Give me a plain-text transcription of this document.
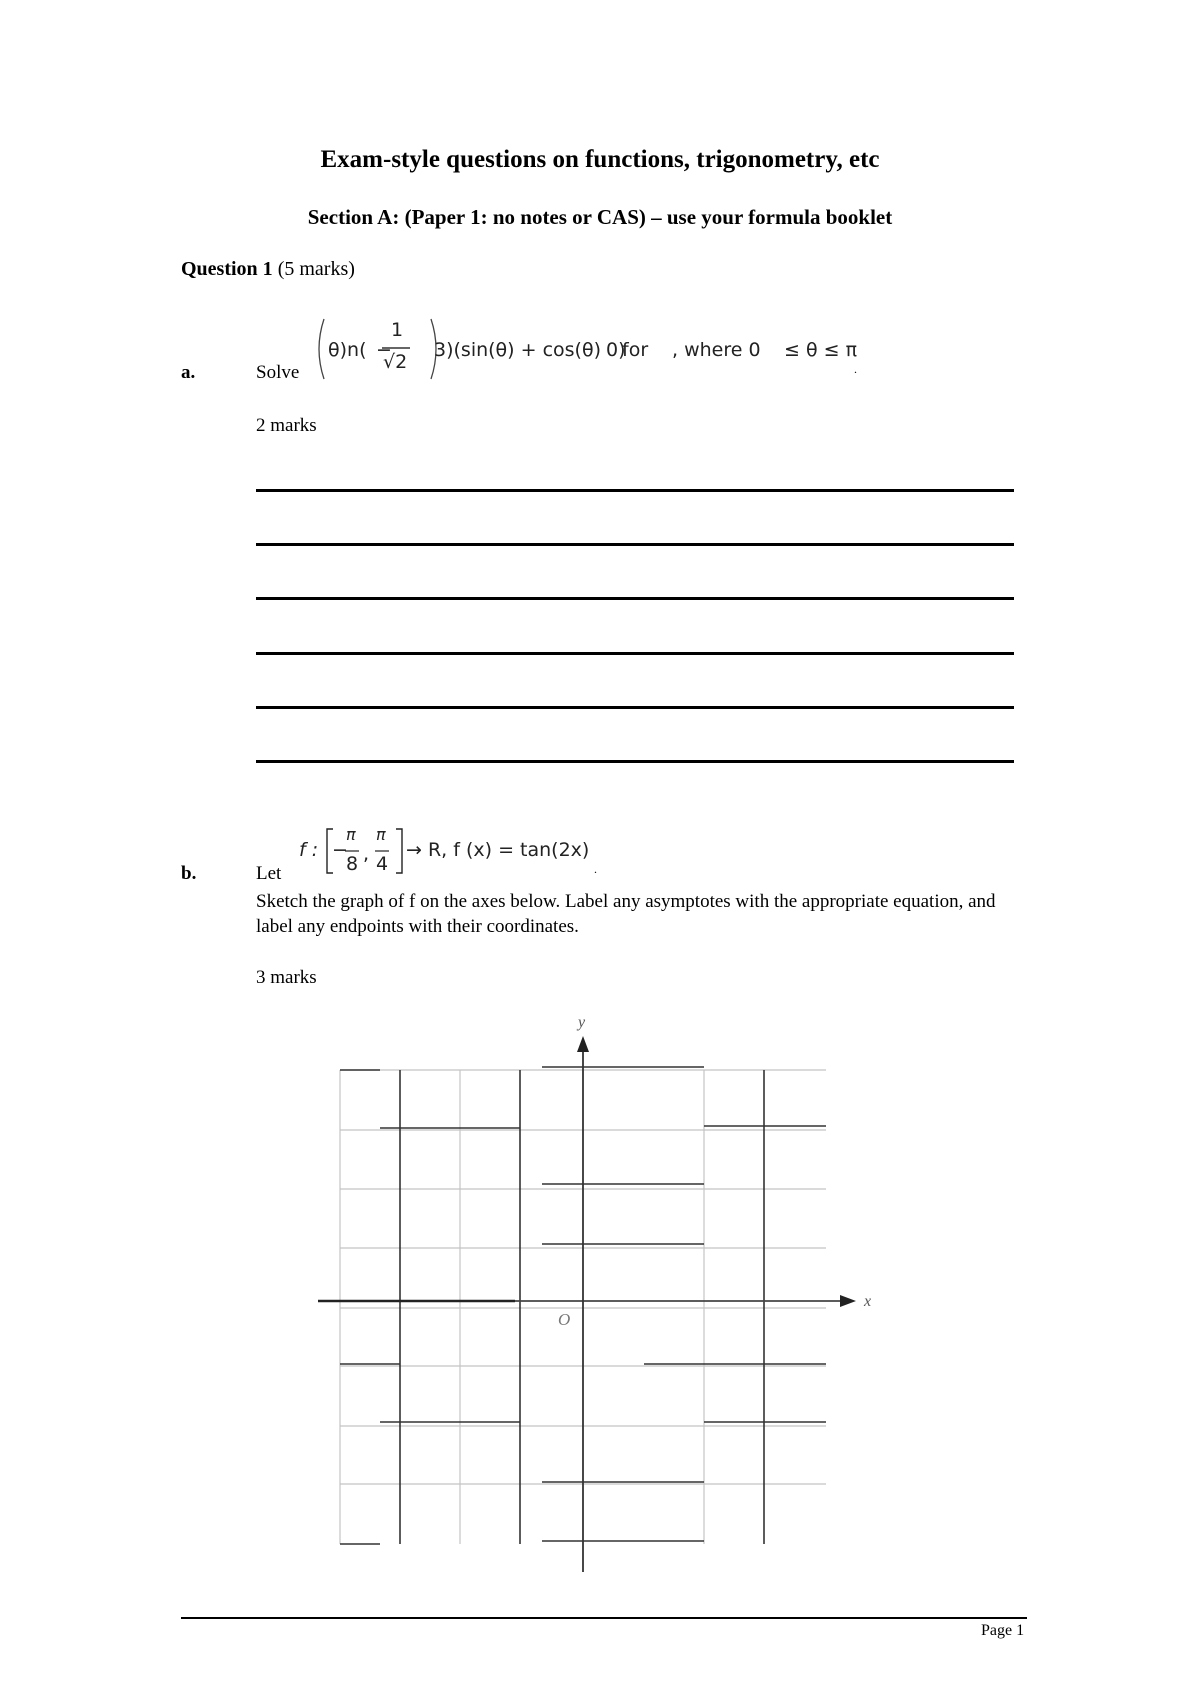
Exam-style questions on functions, trigonometry, etc
Section A: (Paper 1: no notes or CAS) – use your formula booklet
Question 1 (5 marks)
a.	Solve
θ)n( −
1
√2
3)(sin(θ) + cos(θ) 0)
for , where 0 ≤ θ ≤ π
.
2 marks
b.	Let
f : −
π
8 ,
π
4
→ R, f (x) = tan(2x)
.
Sketch the graph of f on the axes below. Label any asymptotes with the appropriate equation, and label any endpoints with their coordinates.
3 marks
y
x
O
Page 1
